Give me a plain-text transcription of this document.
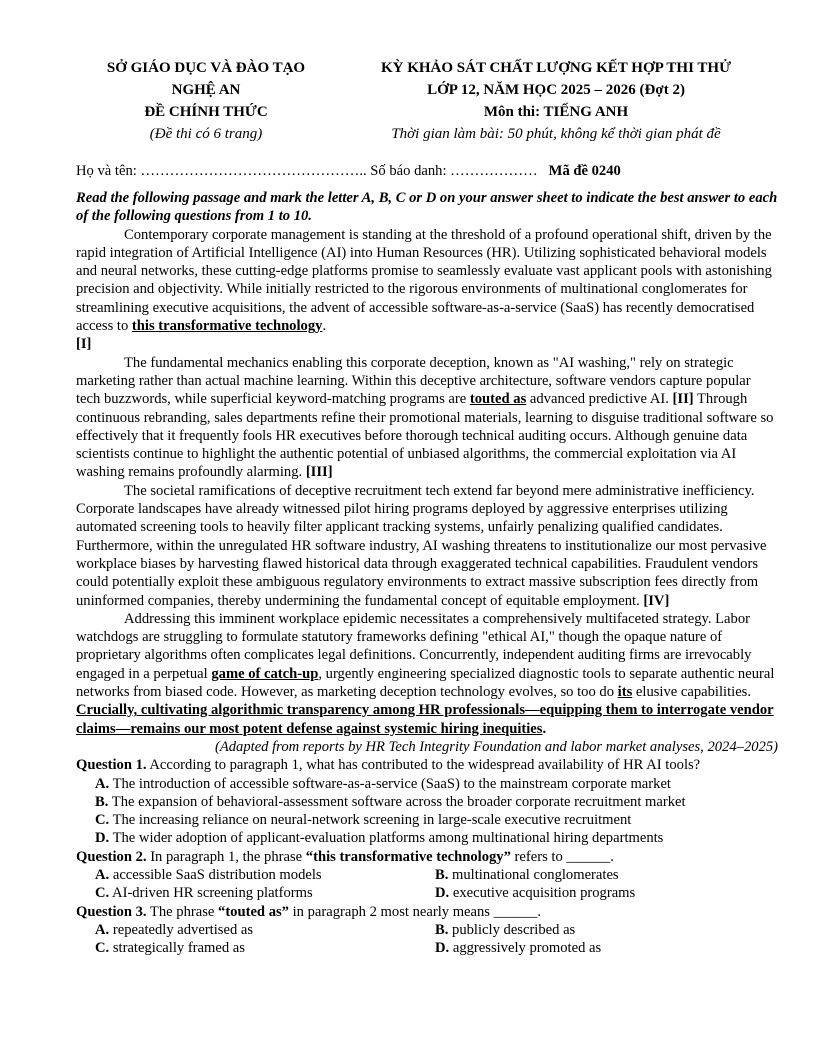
SỞ GIÁO DỤC VÀ ĐÀO TẠO
NGHỆ AN
ĐỀ CHÍNH THỨC
(Đề thi có 6 trang)
KỲ KHẢO SÁT CHẤT LƯỢNG KẾT HỢP THI THỬ
LỚP 12, NĂM HỌC 2025 – 2026 (Đợt 2)
Môn thi: TIẾNG ANH
Thời gian làm bài: 50 phút, không kể thời gian phát đề
Họ và tên: ……………………………………….. Số báo danh: ……………… Mã đề 0240

Read the following passage and mark the letter A, B, C or D on your answer sheet to indicate the best answer to each of the following questions from 1 to 10.

Contemporary corporate management is standing at the threshold of a profound operational shift, driven by the rapid integration of Artificial Intelligence (AI) into Human Resources (HR). Utilizing sophisticated behavioral models and neural networks, these cutting-edge platforms promise to seamlessly evaluate vast applicant pools with astonishing precision and objectivity. While initially restricted to the rigorous environments of multinational conglomerates for streamlining executive acquisitions, the advent of accessible software-as-a-service (SaaS) has recently democratised access to this transformative technology.
[I]

The fundamental mechanics enabling this corporate deception, known as "AI washing," rely on strategic marketing rather than actual machine learning. Within this deceptive architecture, software vendors capture popular tech buzzwords, while superficial keyword-matching programs are touted as advanced predictive AI. [II] Through continuous rebranding, sales departments refine their promotional materials, learning to disguise traditional software so effectively that it frequently fools HR executives before thorough technical auditing occurs. Although genuine data scientists continue to highlight the authentic potential of unbiased algorithms, the commercial exploitation via AI washing remains profoundly alarming. [III]

The societal ramifications of deceptive recruitment tech extend far beyond mere administrative inefficiency. Corporate landscapes have already witnessed pilot hiring programs deployed by aggressive enterprises utilizing automated screening tools to heavily filter applicant tracking systems, unfairly penalizing qualified candidates. Furthermore, within the unregulated HR software industry, AI washing threatens to institutionalize our most pervasive workplace biases by harvesting flawed historical data through exaggerated technical capabilities. Fraudulent vendors could potentially exploit these ambiguous regulatory environments to extract massive subscription fees directly from uninformed companies, thereby undermining the fundamental concept of equitable employment. [IV]

Addressing this imminent workplace epidemic necessitates a comprehensively multifaceted strategy. Labor watchdogs are struggling to formulate statutory frameworks defining "ethical AI," though the opaque nature of proprietary algorithms often complicates legal definitions. Concurrently, independent auditing firms are irrevocably engaged in a perpetual game of catch-up, urgently engineering specialized diagnostic tools to separate authentic neural networks from biased code. However, as marketing deception technology evolves, so too do its elusive capabilities. Crucially, cultivating algorithmic transparency among HR professionals—equipping them to interrogate vendor claims—remains our most potent defense against systemic hiring inequities.

(Adapted from reports by HR Tech Integrity Foundation and labor market analyses, 2024–2025)

Question 1. According to paragraph 1, what has contributed to the widespread availability of HR AI tools?

A. The introduction of accessible software-as-a-service (SaaS) to the mainstream corporate market

B. The expansion of behavioral-assessment software across the broader corporate recruitment market

C. The increasing reliance on neural-network screening in large-scale executive recruitment

D. The wider adoption of applicant-evaluation platforms among multinational hiring departments

Question 2. In paragraph 1, the phrase “this transformative technology” refers to ______.

A. accessible SaaS distribution models	B. multinational conglomerates
C. AI-driven HR screening platforms	D. executive acquisition programs

Question 3. The phrase “touted as” in paragraph 2 most nearly means ______.

A. repeatedly advertised as	B. publicly described as
C. strategically framed as	D. aggressively promoted as
